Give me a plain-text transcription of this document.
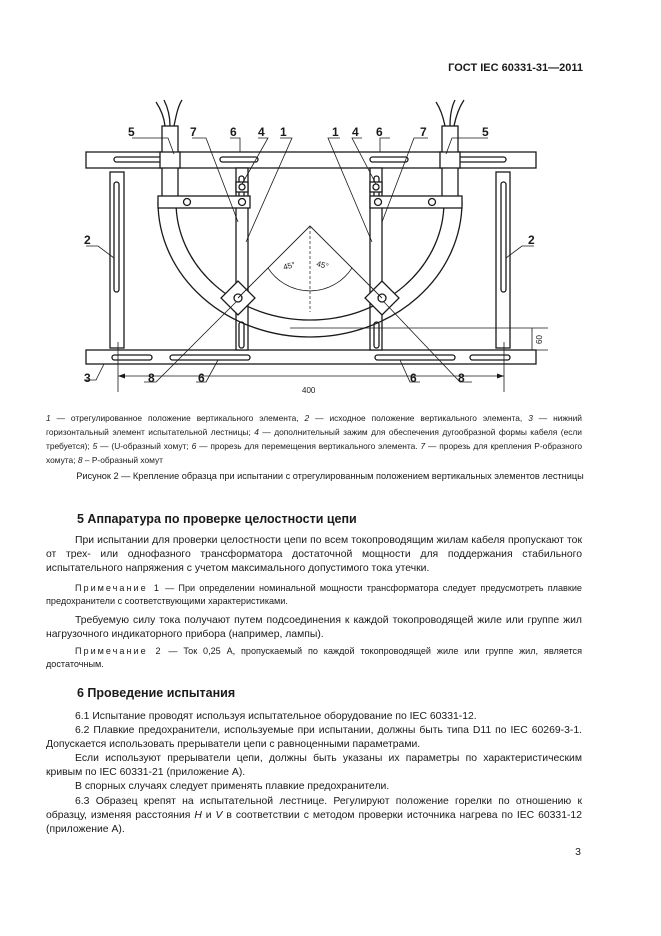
ГОСТ IEC 60331-31—2011
5	7	6 4 1	1 4 6	7	5
2	2
3	8	6	6	8
400
60
45° 45°
1 — отрегулированное положение вертикального элемента, 2 — исходное положение вертикального элемента, 3 — нижний горизонтальный элемент испытательной лестницы; 4 — дополнительный зажим для обеспечения дугообразной формы кабеля (если требуется); 5 — (U-образный хомут; 6 — прорезь для перемещения вертикального элемента. 7 — прорезь для крепления P-образного хомута; 8 – P-образный хомут
Рисунок 2 — Крепление образца при испытании с отрегулированным положением вертикальных элементов лестницы
5 Аппаратура по проверке целостности цепи
При испытании для проверки целостности цепи по всем токопроводящим жилам кабеля пропускают ток от трех- или однофазного трансформатора достаточной мощности для поддержания стабильного испытательного напряжения с учетом максимального допустимого тока утечки.
Примечание 1 — При определении номинальной мощности трансформатора следует предусмотреть плавкие предохранители с соответствующими характеристиками.
Требуемую силу тока получают путем подсоединения к каждой токопроводящей жиле или группе жил нагрузочного индикаторного прибора (например, лампы).
Примечание 2 — Ток 0,25 А, пропускаемый по каждой токопроводящей жиле или группе жил, является достаточным.
6 Проведение испытания
6.1 Испытание проводят используя испытательное оборудование по IEC 60331-12.
6.2 Плавкие предохранители, используемые при испытании, должны быть типа D11 по IEC 60269-3-1. Допускается использовать прерыватели цепи с равноценными параметрами.
Если используют прерыватели цепи, должны быть указаны их параметры по характеристическим кривым по IEC 60331-21 (приложение А).
В спорных случаях следует применять плавкие предохранители.
6.3 Образец крепят на испытательной лестнице. Регулируют положение горелки по отношению к образцу, изменяя расстояния H и V в соответствии с методом проверки источника нагрева по IEC 60331-12 (приложение А).
3
